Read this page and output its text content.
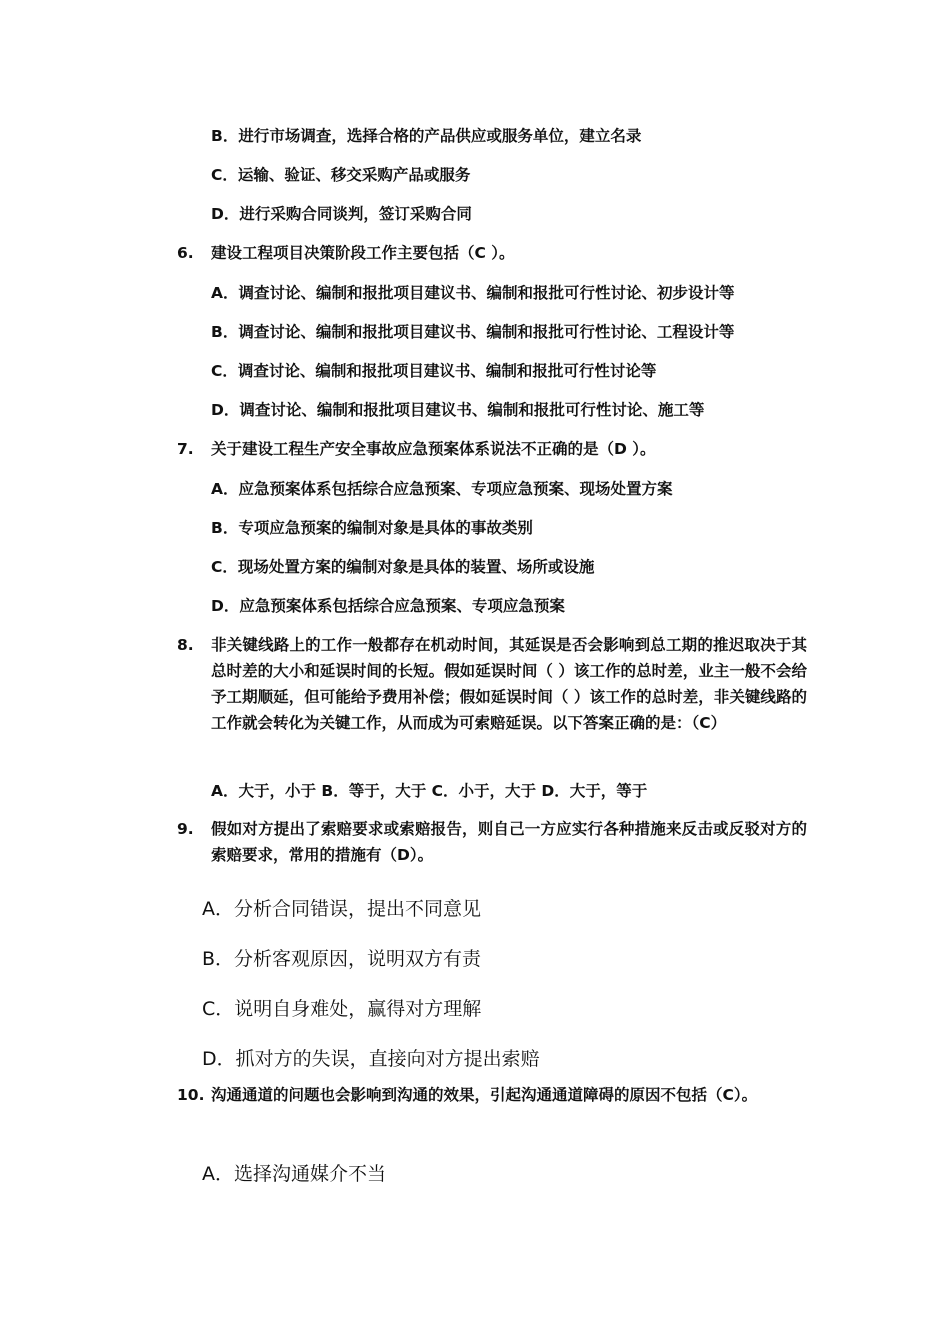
B．进行市场调查，选择合格的产品供应或服务单位，建立名录
C．运输、验证、移交采购产品或服务
D．进行采购合同谈判，签订采购合同
6. 建设工程项目决策阶段工作主要包括（C ）。
A．调查讨论、编制和报批项目建议书、编制和报批可行性讨论、初步设计等
B．调查讨论、编制和报批项目建议书、编制和报批可行性讨论、工程设计等
C．调查讨论、编制和报批项目建议书、编制和报批可行性讨论等
D．调查讨论、编制和报批项目建议书、编制和报批可行性讨论、施工等
7. 关于建设工程生产安全事故应急预案体系说法不正确的是（D ）。
A．应急预案体系包括综合应急预案、专项应急预案、现场处置方案
B．专项应急预案的编制对象是具体的事故类别
C．现场处置方案的编制对象是具体的装置、场所或设施
D．应急预案体系包括综合应急预案、专项应急预案
8. 非关键线路上的工作一般都存在机动时间，其延误是否会影响到总工期的推迟取决于其总时差的大小和延误时间的长短。假如延误时间（ ）该工作的总时差，业主一般不会给予工期顺延，但可能给予费用补偿；假如延误时间（ ）该工作的总时差，非关键线路的工作就会转化为关键工作，从而成为可索赔延误。以下答案正确的是：（C）
A．大于，小于 B．等于，大于 C．小于，大于 D．大于，等于
9. 假如对方提出了索赔要求或索赔报告，则自己一方应实行各种措施来反击或反驳对方的索赔要求，常用的措施有（D）。
A．分析合同错误，提出不同意见
B．分析客观原因，说明双方有责
C．说明自身难处，赢得对方理解
D．抓对方的失误，直接向对方提出索赔
10. 沟通通道的问题也会影响到沟通的效果，引起沟通通道障碍的原因不包括（C）。
A．选择沟通媒介不当
